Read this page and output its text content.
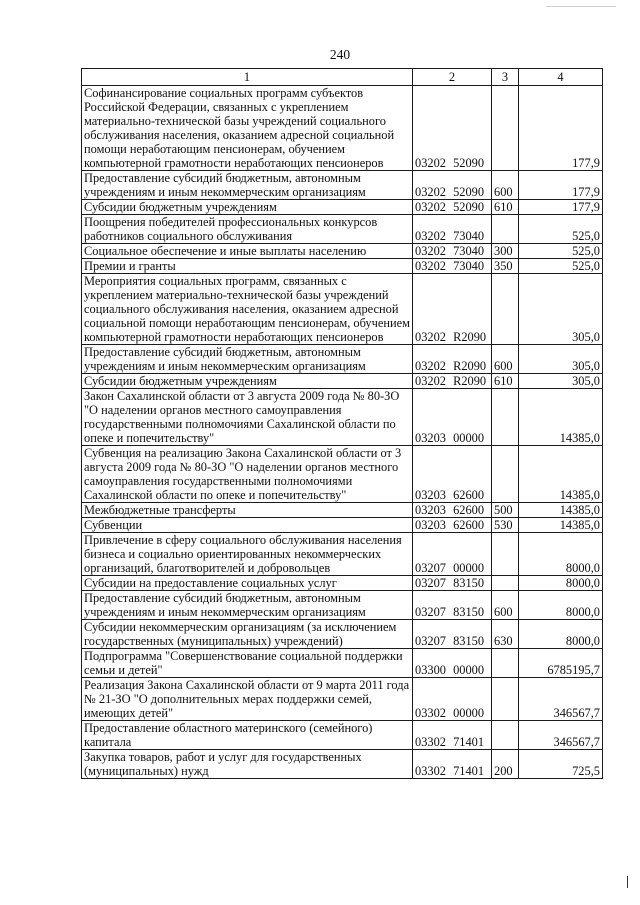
240
1	2	3	4
Софинансирование социальных программ субъектов Российской Федерации, связанных с укреплением материально-технической базы учреждений социального обслуживания населения, оказанием адресной социальной помощи неработающим пенсионерам, обучением компьютерной грамотности неработающих пенсионеров	03202 52090		177,9
Предоставление субсидий бюджетным, автономным учреждениям и иным некоммерческим организациям	03202 52090	600	177,9
Субсидии бюджетным учреждениям	03202 52090	610	177,9
Поощрения победителей профессиональных конкурсов работников социального обслуживания	03202 73040		525,0
Социальное обеспечение и иные выплаты населению	03202 73040	300	525,0
Премии и гранты	03202 73040	350	525,0
Мероприятия социальных программ, связанных с укреплением материально-технической базы учреждений социального обслуживания населения, оказанием адресной социальной помощи неработающим пенсионерам, обучением компьютерной грамотности неработающих пенсионеров	03202 R2090		305,0
Предоставление субсидий бюджетным, автономным учреждениям и иным некоммерческим организациям	03202 R2090	600	305,0
Субсидии бюджетным учреждениям	03202 R2090	610	305,0
Закон Сахалинской области от 3 августа 2009 года № 80-ЗО "О наделении органов местного самоуправления государственными полномочиями Сахалинской области по опеке и попечительству"	03203 00000		14385,0
Субвенция на реализацию Закона Сахалинской области от 3 августа 2009 года № 80-ЗО "О наделении органов местного самоуправления государственными полномочиями Сахалинской области по опеке и попечительству"	03203 62600		14385,0
Межбюджетные трансферты	03203 62600	500	14385,0
Субвенции	03203 62600	530	14385,0
Привлечение в сферу социального обслуживания населения бизнеса и социально ориентированных некоммерческих организаций, благотворителей и добровольцев	03207 00000		8000,0
Субсидии на предоставление социальных услуг	03207 83150		8000,0
Предоставление субсидий бюджетным, автономным учреждениям и иным некоммерческим организациям	03207 83150	600	8000,0
Субсидии некоммерческим организациям (за исключением государственных (муниципальных) учреждений)	03207 83150	630	8000,0
Подпрограмма "Совершенствование социальной поддержки семьи и детей"	03300 00000		6785195,7
Реализация Закона Сахалинской области от 9 марта 2011 года № 21-ЗО "О дополнительных мерах поддержки семей, имеющих детей"	03302 00000		346567,7
Предоставление областного материнского (семейного) капитала	03302 71401		346567,7
Закупка товаров, работ и услуг для государственных (муниципальных) нужд	03302 71401	200	725,5
